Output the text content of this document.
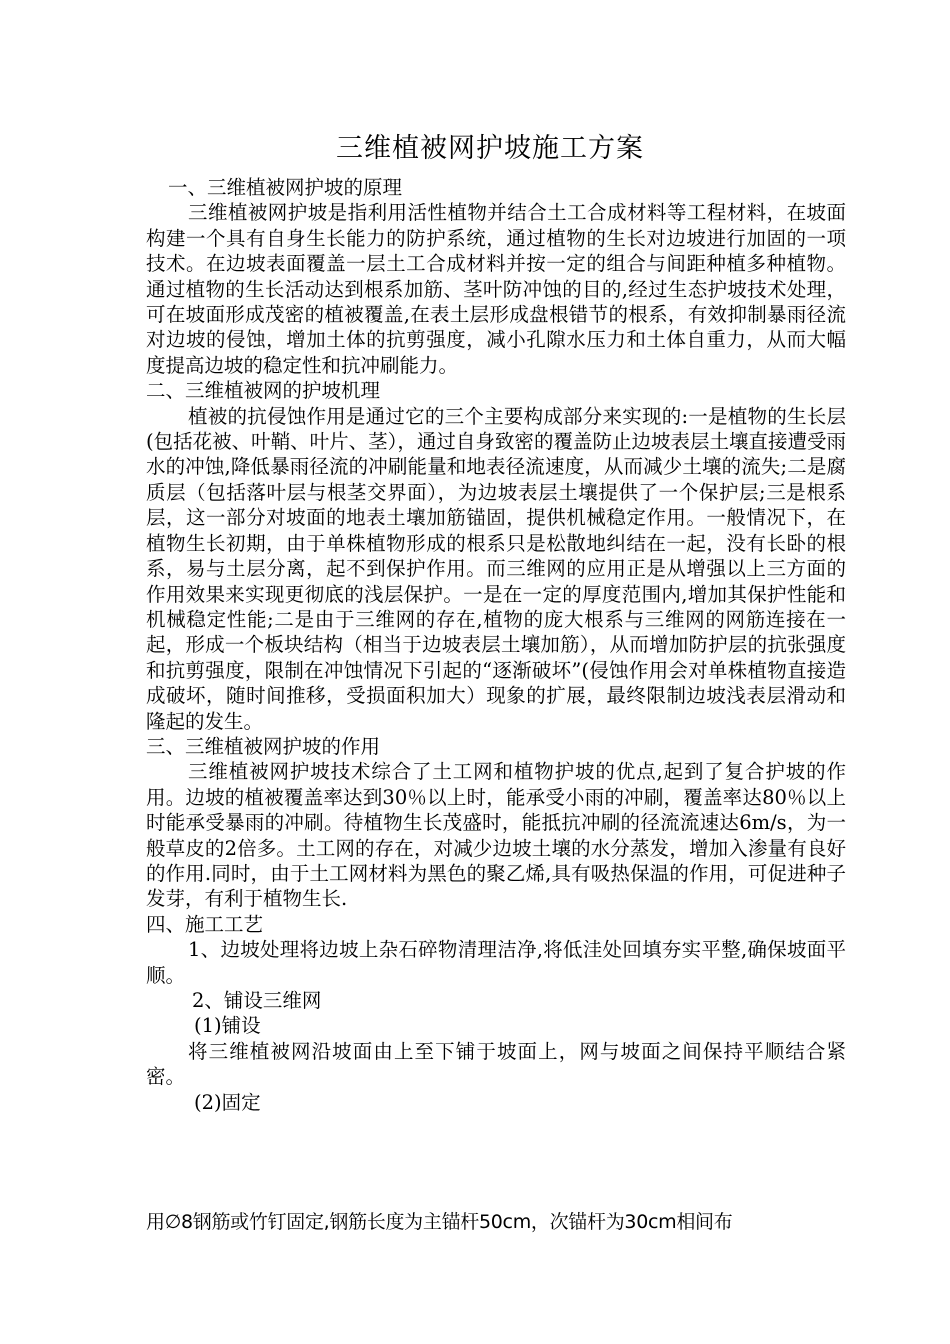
三维植被网护坡施工方案

一、三维植被网护坡的原理

三维植被网护坡是指利用活性植物并结合土工合成材料等工程材料，在坡面构建一个具有自身生长能力的防护系统，通过植物的生长对边坡进行加固的一项技术。在边坡表面覆盖一层土工合成材料并按一定的组合与间距种植多种植物。通过植物的生长活动达到根系加筋、茎叶防冲蚀的目的,经过生态护坡技术处理，可在坡面形成茂密的植被覆盖,在表土层形成盘根错节的根系，有效抑制暴雨径流对边坡的侵蚀，增加土体的抗剪强度，减小孔隙水压力和土体自重力，从而大幅度提高边坡的稳定性和抗冲刷能力。

二、三维植被网的护坡机理

植被的抗侵蚀作用是通过它的三个主要构成部分来实现的:一是植物的生长层(包括花被、叶鞘、叶片、茎），通过自身致密的覆盖防止边坡表层土壤直接遭受雨水的冲蚀,降低暴雨径流的冲刷能量和地表径流速度，从而减少土壤的流失;二是腐质层（包括落叶层与根茎交界面），为边坡表层土壤提供了一个保护层;三是根系层，这一部分对坡面的地表土壤加筋锚固，提供机械稳定作用。一般情况下，在植物生长初期，由于单株植物形成的根系只是松散地纠结在一起，没有长卧的根系，易与土层分离，起不到保护作用。而三维网的应用正是从增强以上三方面的作用效果来实现更彻底的浅层保护。一是在一定的厚度范围内,增加其保护性能和机械稳定性能;二是由于三维网的存在,植物的庞大根系与三维网的网筋连接在一起，形成一个板块结构（相当于边坡表层土壤加筋），从而增加防护层的抗张强度和抗剪强度，限制在冲蚀情况下引起的“逐渐破坏”(侵蚀作用会对单株植物直接造成破坏，随时间推移，受损面积加大）现象的扩展，最终限制边坡浅表层滑动和隆起的发生。

三、三维植被网护坡的作用

三维植被网护坡技术综合了土工网和植物护坡的优点,起到了复合护坡的作用。边坡的植被覆盖率达到30％以上时，能承受小雨的冲刷，覆盖率达80％以上时能承受暴雨的冲刷。待植物生长茂盛时，能抵抗冲刷的径流流速达6m/s，为一般草皮的2倍多。土工网的存在，对减少边坡土壤的水分蒸发，增加入渗量有良好的作用.同时，由于土工网材料为黑色的聚乙烯,具有吸热保温的作用，可促进种子发芽，有利于植物生长.

四、施工工艺

1、边坡处理将边坡上杂石碎物清理洁净,将低洼处回填夯实平整,确保坡面平顺。

2、铺设三维网

(1)铺设

将三维植被网沿坡面由上至下铺于坡面上，网与坡面之间保持平顺结合紧密。

(2)固定

用∅8钢筋或竹钉固定,钢筋长度为主锚杆50cm，次锚杆为30cm相间布
